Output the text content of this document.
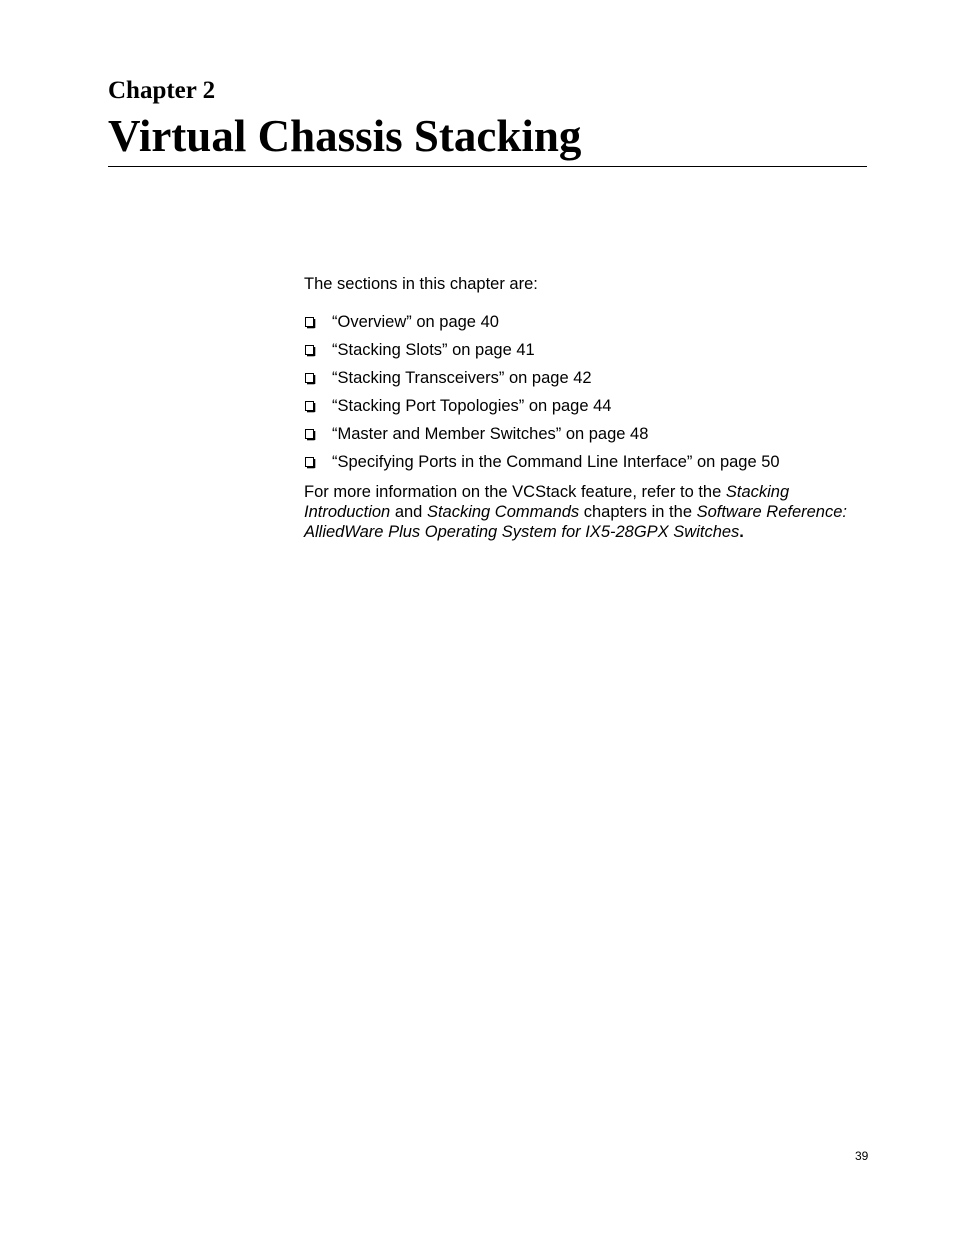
Chapter 2
Virtual Chassis Stacking

The sections in this chapter are:

“Overview” on page 40
“Stacking Slots” on page 41
“Stacking Transceivers” on page 42
“Stacking Port Topologies” on page 44
“Master and Member Switches” on page 48
“Specifying Ports in the Command Line Interface” on page 50

For more information on the VCStack feature, refer to the Stacking Introduction and Stacking Commands chapters in the Software Reference: AlliedWare Plus Operating System for IX5-28GPX Switches.

39
